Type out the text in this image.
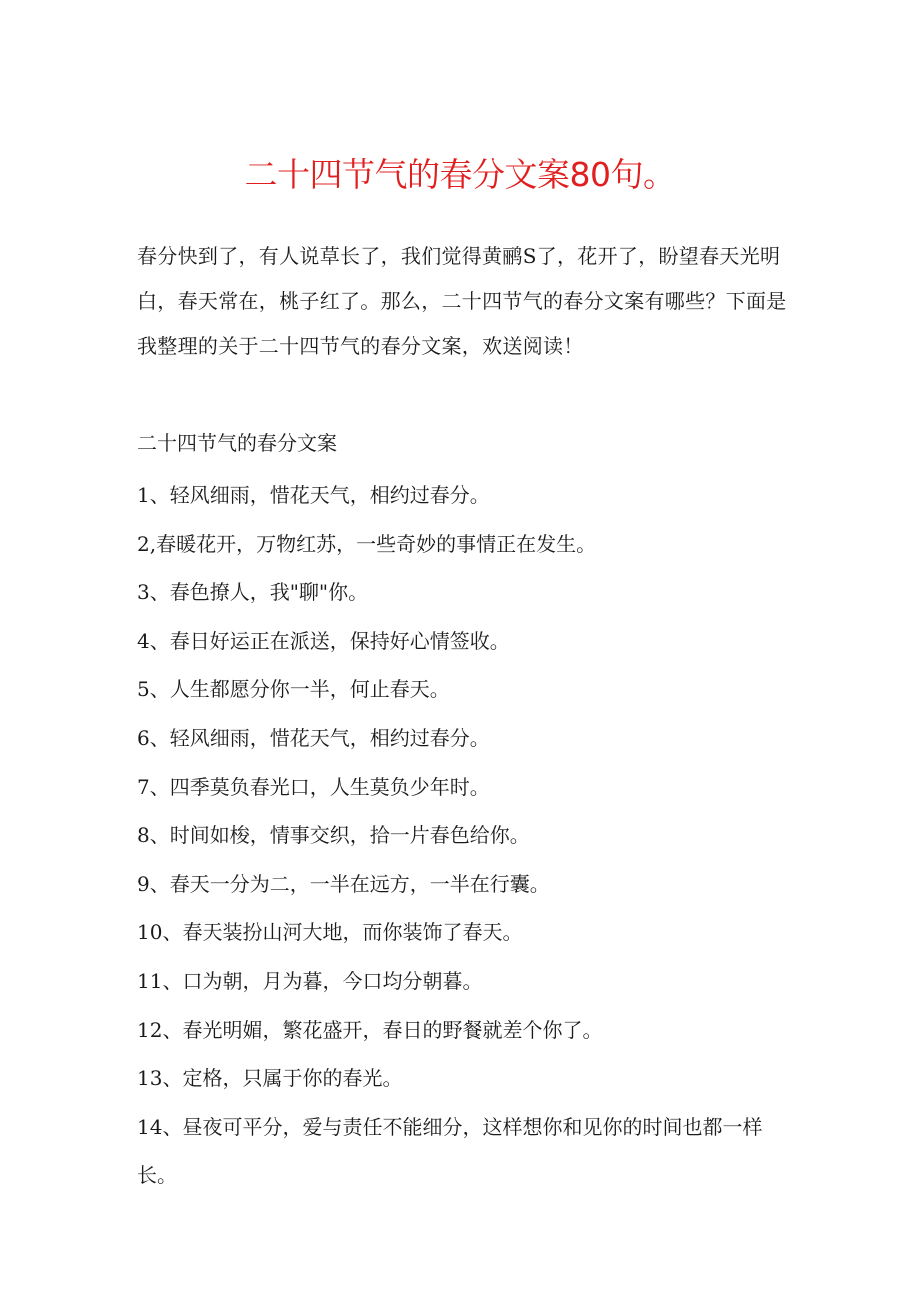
二十四节气的春分文案80句。

春分快到了，有人说草长了，我们觉得黄鹂S了，花开了，盼望春天光明白，春天常在，桃子红了。那么，二十四节气的春分文案有哪些？下面是我整理的关于二十四节气的春分文案，欢送阅读！

二十四节气的春分文案

1、轻风细雨，惜花天气，相约过春分。
2,春暖花开，万物红苏，一些奇妙的事情正在发生。
3、春色撩人，我"聊"你。
4、春日好运正在派送，保持好心情签收。
5、人生都愿分你一半，何止春天。
6、轻风细雨，惜花天气，相约过春分。
7、四季莫负春光口，人生莫负少年时。
8、时间如梭，情事交织，拾一片春色给你。
9、春天一分为二，一半在远方，一半在行囊。
10、春天装扮山河大地，而你装饰了春天。
11、口为朝，月为暮，今口均分朝暮。
12、春光明媚，繁花盛开，春日的野餐就差个你了。
13、定格，只属于你的春光。
14、昼夜可平分，爱与责任不能细分，这样想你和见你的时间也都一样长。
